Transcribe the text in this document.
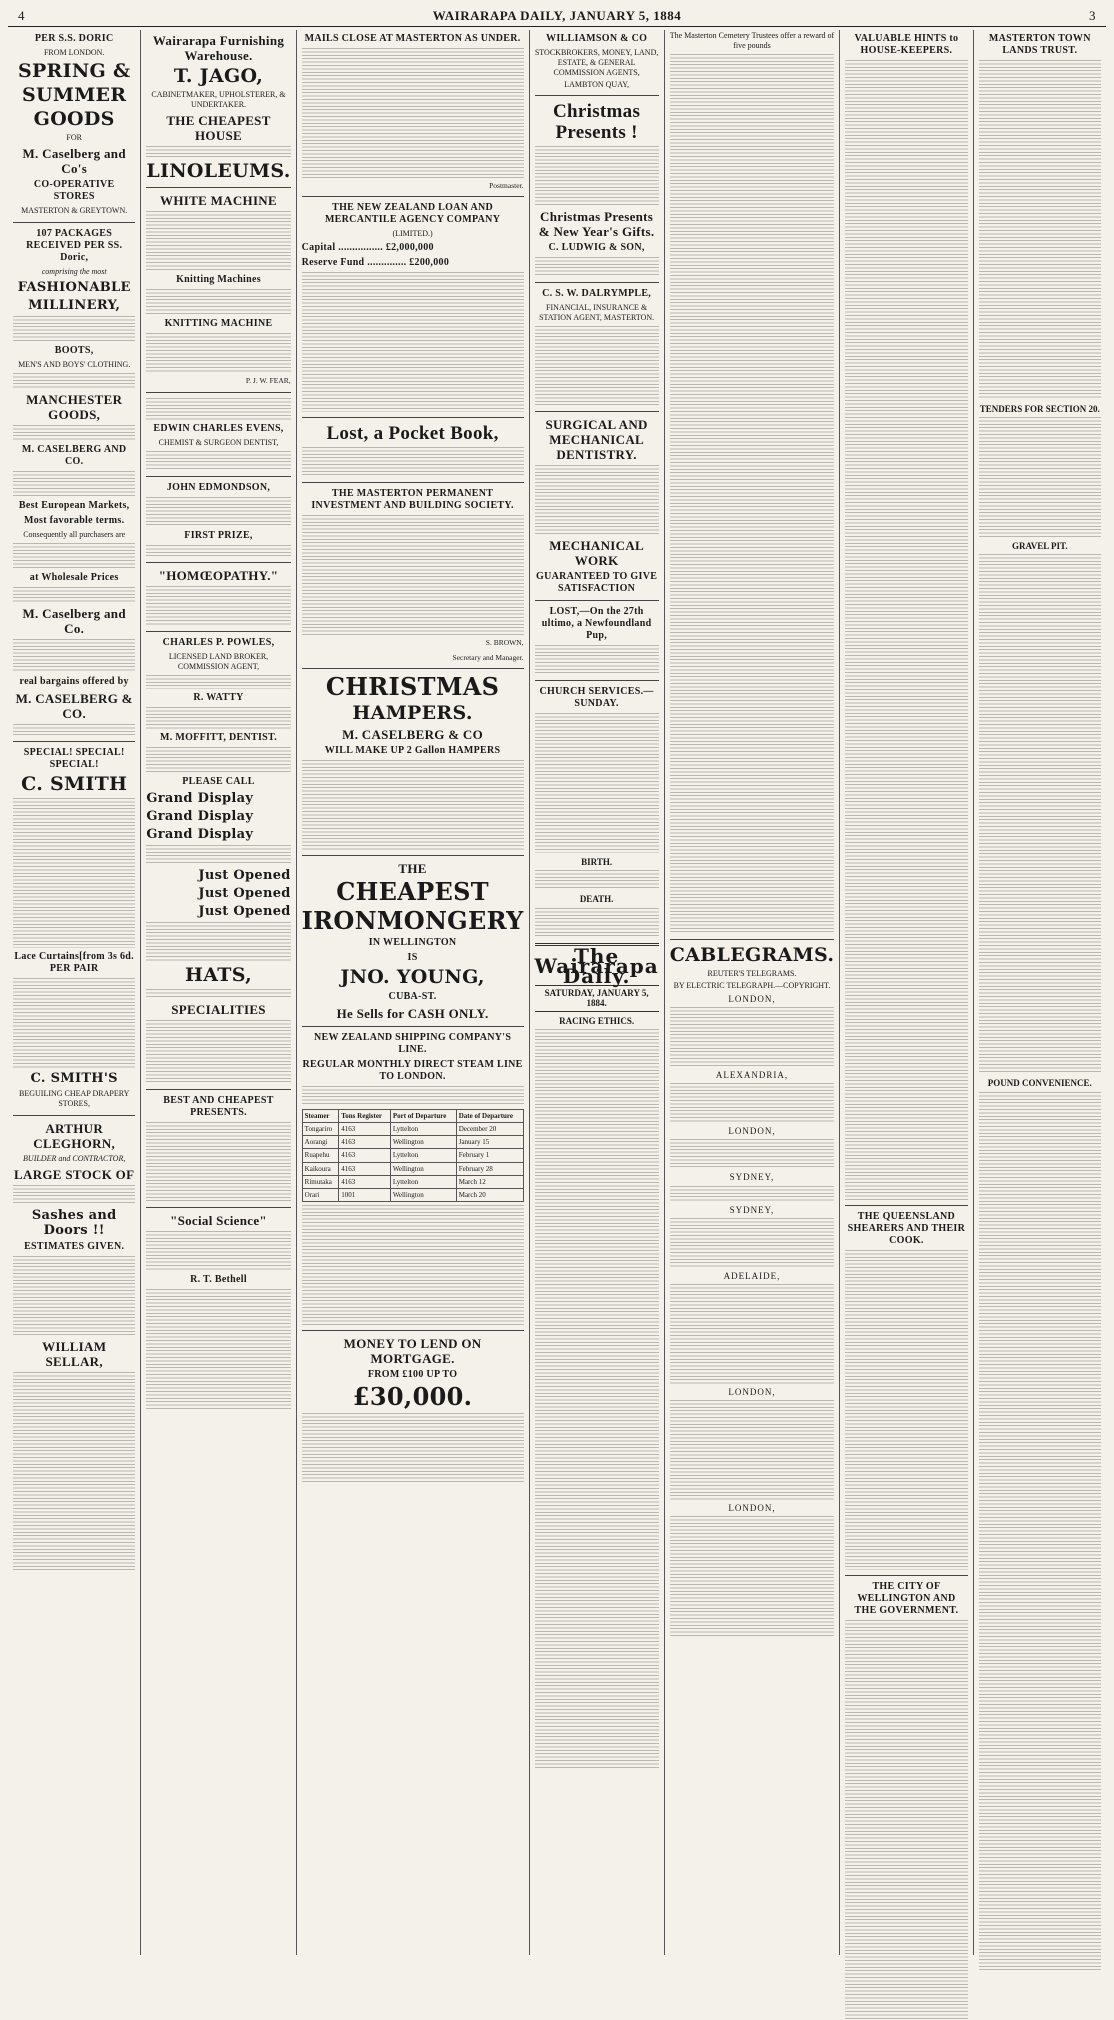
4	WAIRARAPA DAILY, JANUARY 5, 1884	3
PER S.S. DORIC
FROM LONDON.
SPRING &
SUMMER
GOODS
FOR
M. Caselberg and Co's
CO-OPERATIVE STORES
MASTERTON & GREYTOWN.
107 PACKAGES RECEIVED PER SS. Doric,
comprising the most
FASHIONABLE
MILLINERY,
BOOTS,
MEN'S AND BOYS' CLOTHING.
MANCHESTER GOODS,
M. CASELBERG AND CO.
Best European Markets,
Most favorable terms.
Consequently all purchasers are
at Wholesale Prices
M. Caselberg and Co.
real bargains offered by
M. CASELBERG & CO.
SPECIAL! SPECIAL! SPECIAL!
C. SMITH
Lace Curtains[from 3s 6d. PER PAIR
C. SMITH'S
BEGUILING CHEAP DRAPERY STORES,
ARTHUR CLEGHORN,
BUILDER and CONTRACTOR,
LARGE STOCK OF
Sashes and Doors !!
ESTIMATES GIVEN.
WILLIAM SELLAR,
Wairarapa Furnishing Warehouse.
T. JAGO,
CABINETMAKER, UPHOLSTERER, & UNDERTAKER.
THE CHEAPEST HOUSE
LINOLEUMS.
WHITE MACHINE
Knitting Machines
KNITTING MACHINE
P. J. W. FEAR,
EDWIN CHARLES EVENS,
CHEMIST & SURGEON DENTIST,
JOHN EDMONDSON,
FIRST PRIZE,
"HOMŒOPATHY."
CHARLES P. POWLES,
LICENSED LAND BROKER, COMMISSION AGENT,
R. WATTY
M. MOFFITT, DENTIST.
PLEASE CALL
Grand Display
Grand Display
Grand Display
Just Opened
Just Opened
Just Opened
HATS,
SPECIALITIES
BEST AND CHEAPEST PRESENTS.
"Social Science"
R. T. Bethell
MAILS CLOSE AT MASTERTON AS UNDER.
Postmaster.
THE NEW ZEALAND LOAN AND MERCANTILE AGENCY COMPANY
(LIMITED.)
Capital ................ £2,000,000
Reserve Fund .............. £200,000
Lost, a Pocket Book,
THE MASTERTON PERMANENT INVESTMENT AND BUILDING SOCIETY.
S. BROWN,
Secretary and Manager.
CHRISTMAS
HAMPERS.
M. CASELBERG & CO
WILL MAKE UP 2 Gallon HAMPERS
THE
CHEAPEST
IRONMONGERY
IN WELLINGTON
IS
JNO. YOUNG,
CUBA-ST.
He Sells for CASH ONLY.
NEW ZEALAND SHIPPING COMPANY'S LINE.
REGULAR MONTHLY DIRECT STEAM LINE TO LONDON.
Steamer	Tons Register	Port of Departure	Date of Departure
Tongariro	4163	Lyttelton	December 20
Aorangi	4163	Wellington	January 15
Ruapehu	4163	Lyttelton	February 1
Kaikoura	4163	Wellington	February 28
Rimutaka	4163	Lyttelton	March 12
Orari	1001	Wellington	March 20
MONEY TO LEND ON MORTGAGE.
FROM £100 UP TO
£30,000.
WILLIAMSON & CO
STOCKBROKERS, MONEY, LAND, ESTATE, & GENERAL COMMISSION AGENTS,
LAMBTON QUAY,
Christmas Presents !
Christmas Presents & New Year's Gifts.
C. LUDWIG & SON,
C. S. W. DALRYMPLE,
FINANCIAL, INSURANCE & STATION AGENT, MASTERTON.
SURGICAL AND MECHANICAL DENTISTRY.
MECHANICAL WORK
GUARANTEED TO GIVE SATISFACTION
LOST,—On the 27th ultimo, a Newfoundland Pup,
CHURCH SERVICES.—SUNDAY.
BIRTH.
DEATH.
The Wairarapa Daily.
SATURDAY, JANUARY 5, 1884.
RACING ETHICS.
The Masterton Cemetery Trustees offer a reward of five pounds
CABLEGRAMS.
REUTER'S TELEGRAMS.
BY ELECTRIC TELEGRAPH.—COPYRIGHT.
LONDON,
ALEXANDRIA,
LONDON,
SYDNEY,
SYDNEY,
ADELAIDE,
LONDON,
LONDON,
VALUABLE HINTS to HOUSE-KEEPERS.
THE QUEENSLAND SHEARERS AND THEIR COOK.
THE CITY OF WELLINGTON AND THE GOVERNMENT.
MASTERTON TOWN LANDS TRUST.
TENDERS FOR SECTION 20.
GRAVEL PIT.
POUND CONVENIENCE.
